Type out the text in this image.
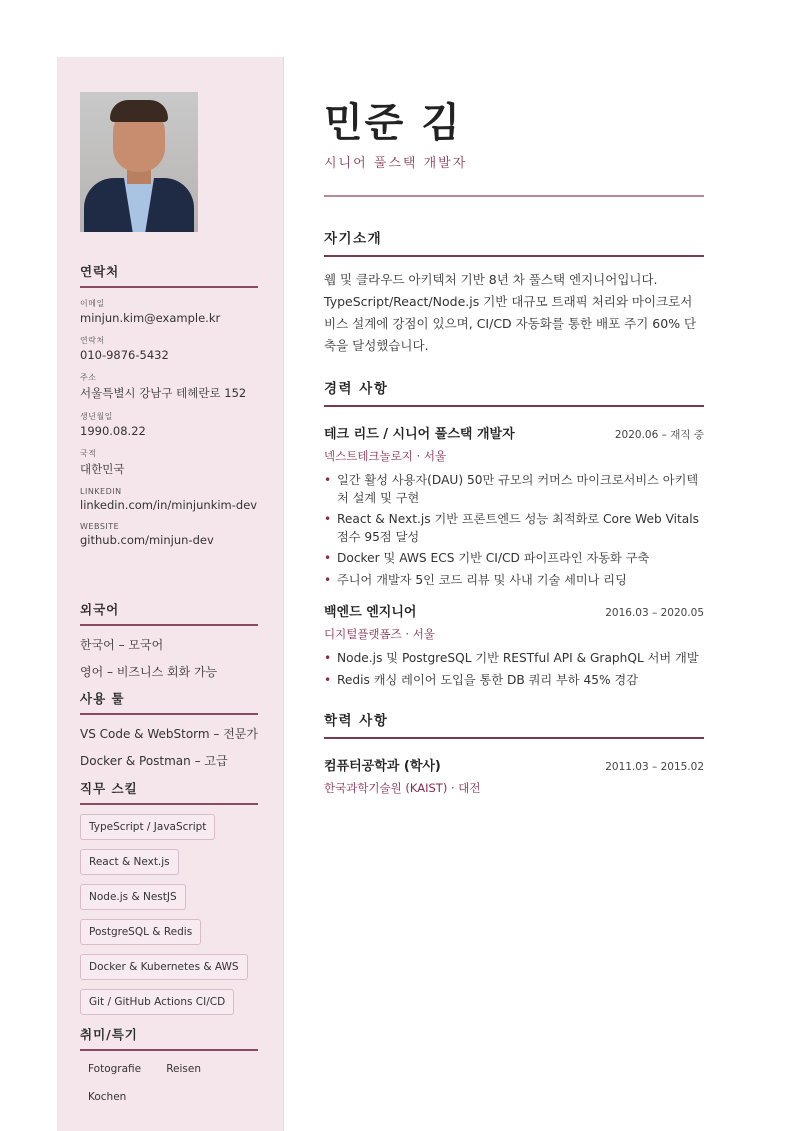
연락처
이메일
minjun.kim@example.kr
연락처
010-9876-5432
주소
서울특별시 강남구 테헤란로 152
생년월일
1990.08.22
국적
대한민국
LINKEDIN
linkedin.com/in/minjunkim-dev
WEBSITE
github.com/minjun-dev
외국어
한국어 – 모국어
영어 – 비즈니스 회화 가능
사용 툴
VS Code & WebStorm – 전문가
Docker & Postman – 고급
직무 스킬
TypeScript / JavaScript
React & Next.js
Node.js & NestJS
PostgreSQL & Redis
Docker & Kubernetes & AWS
Git / GitHub Actions CI/CD
취미/특기
Fotografie Reisen
Kochen
민준 김
시니어 풀스택 개발자
자기소개
웹 및 클라우드 아키텍처 기반 8년 차 풀스택 엔지니어입니다. TypeScript/React/Node.js 기반 대규모 트래픽 처리와 마이크로서비스 설계에 강점이 있으며, CI/CD 자동화를 통한 배포 주기 60% 단축을 달성했습니다.
경력 사항
테크 리드 / 시니어 풀스택 개발자	2020.06 – 재직 중
넥스트테크놀로지 · 서울
• 일간 활성 사용자(DAU) 50만 규모의 커머스 마이크로서비스 아키텍처 설계 및 구현
• React & Next.js 기반 프론트엔드 성능 최적화로 Core Web Vitals 점수 95점 달성
• Docker 및 AWS ECS 기반 CI/CD 파이프라인 자동화 구축
• 주니어 개발자 5인 코드 리뷰 및 사내 기술 세미나 리딩
백엔드 엔지니어	2016.03 – 2020.05
디지털플랫폼즈 · 서울
• Node.js 및 PostgreSQL 기반 RESTful API & GraphQL 서버 개발
• Redis 캐싱 레이어 도입을 통한 DB 쿼리 부하 45% 경감
학력 사항
컴퓨터공학과 (학사)	2011.03 – 2015.02
한국과학기술원 (KAIST) · 대전
